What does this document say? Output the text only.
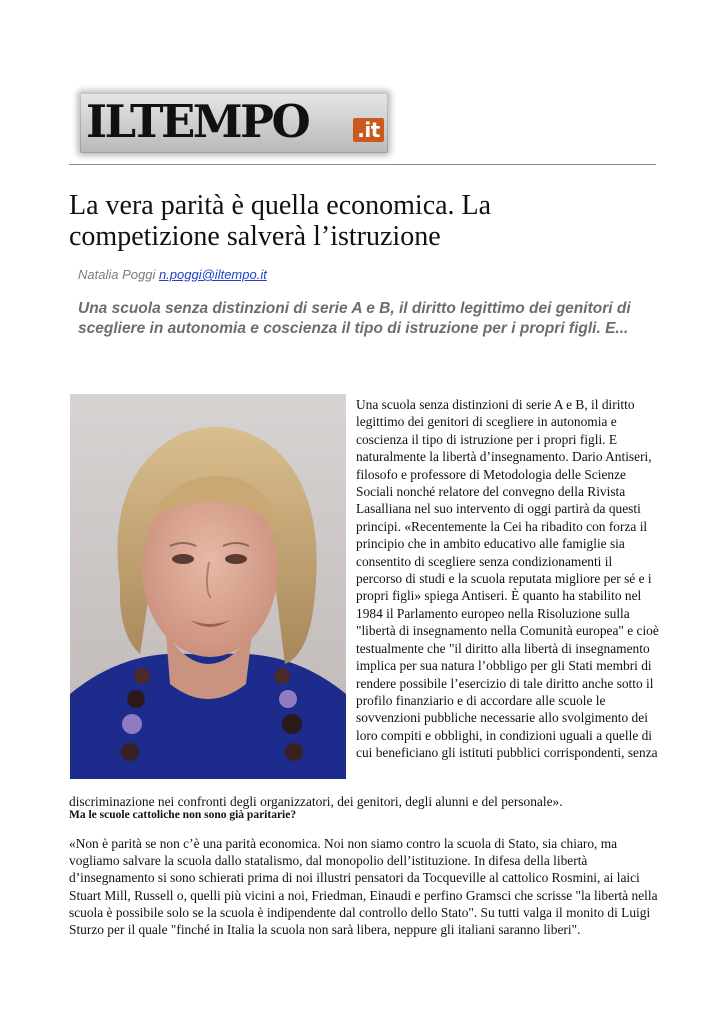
ILTEMPO .it
La vera parità è quella economica. La competizione salverà l’istruzione
Natalia Poggi n.poggi@iltempo.it

Una scuola senza distinzioni di serie A e B, il diritto legittimo dei genitori di scegliere in autonomia e coscienza il tipo di istruzione per i propri figli. E...

Una scuola senza distinzioni di serie A e B, il diritto legittimo dei genitori di scegliere in autonomia e coscienza il tipo di istruzione per i propri figli. E naturalmente la libertà d’insegnamento. Dario Antiseri, filosofo e professore di Metodologia delle Scienze Sociali nonché relatore del convegno della Rivista Lasalliana nel suo intervento di oggi partirà da questi principi. «Recentemente la Cei ha ribadito con forza il principio che in ambito educativo alle famiglie sia consentito di scegliere senza condizionamenti il percorso di studi e la scuola reputata migliore per sé e i propri figli» spiega Antiseri. È quanto ha stabilito nel 1984 il Parlamento europeo nella Risoluzione sulla "libertà di insegnamento nella Comunità europea" e cioè testualmente che "il diritto alla libertà di insegnamento implica per sua natura l’obbligo per gli Stati membri di rendere possibile l’esercizio di tale diritto anche sotto il profilo finanziario e di accordare alle scuole le sovvenzioni pubbliche necessarie allo svolgimento dei loro compiti e obblighi, in condizioni uguali a quelle di cui beneficiano gli istituti pubblici corrispondenti, senza

discriminazione nei confronti degli organizzatori, dei genitori, degli alunni e del personale».

Ma le scuole cattoliche non sono già paritarie?

«Non è parità se non c’è una parità economica. Noi non siamo contro la scuola di Stato, sia chiaro, ma vogliamo salvare la scuola dallo statalismo, dal monopolio dell’istituzione. In difesa della libertà d’insegnamento si sono schierati prima di noi illustri pensatori da Tocqueville al cattolico Rosmini, ai laici Stuart Mill, Russell o, quelli più vicini a noi, Friedman, Einaudi e perfino Gramsci che scrisse "la libertà nella scuola è possibile solo se la scuola è indipendente dal controllo dello Stato". Su tutti valga il monito di Luigi Sturzo per il quale "finché in Italia la scuola non sarà libera, neppure gli italiani saranno liberi".
